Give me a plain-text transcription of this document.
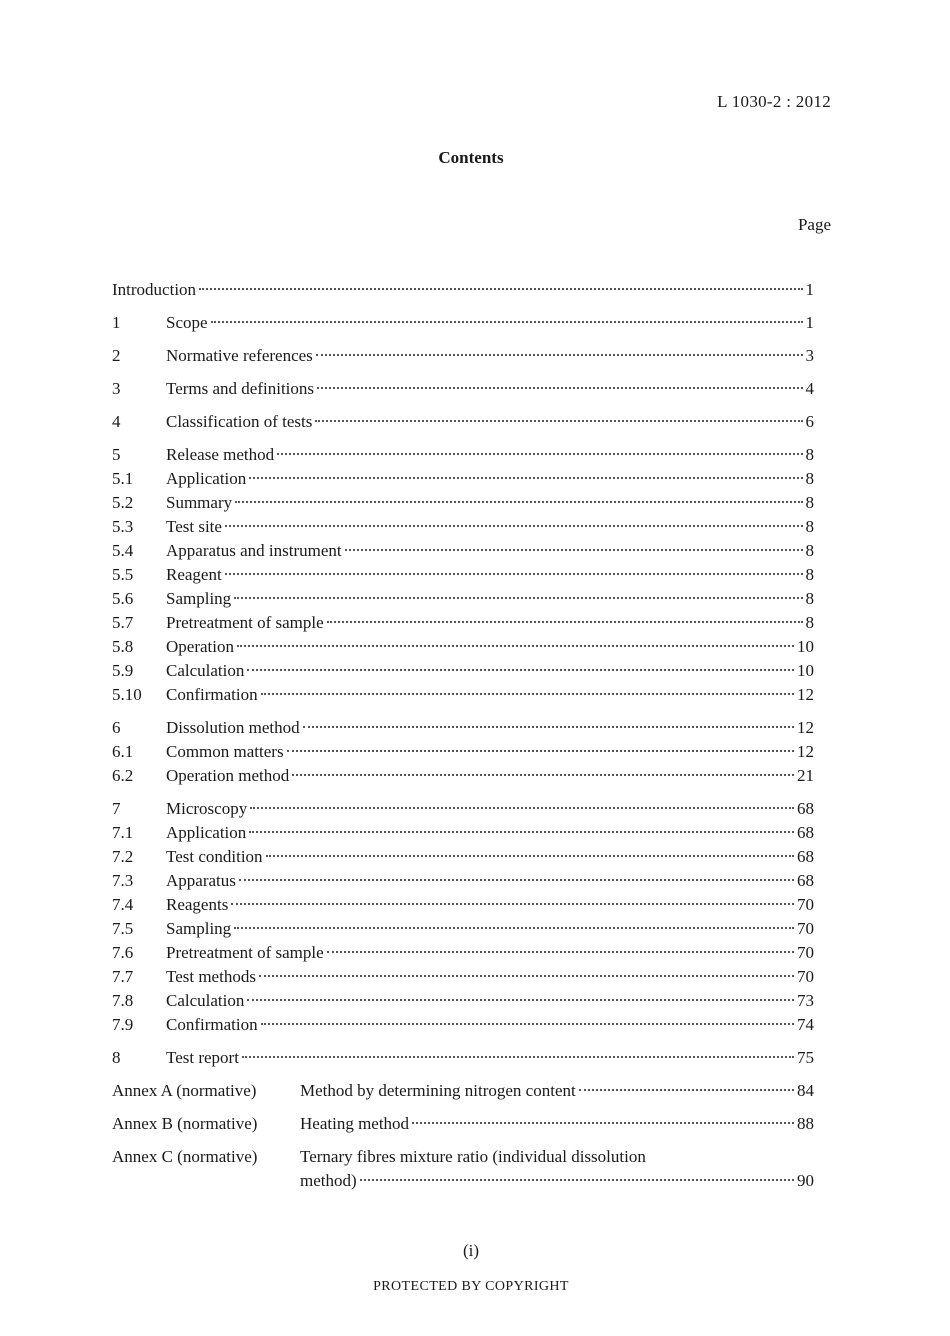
L 1030-2 : 2012
Contents
Page
Introduction	1
1	Scope	1
2	Normative references	3
3	Terms and definitions	4
4	Classification of tests	6
5	Release method	8
5.1	Application	8
5.2	Summary	8
5.3	Test site	8
5.4	Apparatus and instrument	8
5.5	Reagent	8
5.6	Sampling	8
5.7	Pretreatment of sample	8
5.8	Operation	10
5.9	Calculation	10
5.10	Confirmation	12
6	Dissolution method	12
6.1	Common matters	12
6.2	Operation method	21
7	Microscopy	68
7.1	Application	68
7.2	Test condition	68
7.3	Apparatus	68
7.4	Reagents	70
7.5	Sampling	70
7.6	Pretreatment of sample	70
7.7	Test methods	70
7.8	Calculation	73
7.9	Confirmation	74
8	Test report	75
Annex A (normative)	Method by determining nitrogen content	84
Annex B (normative)	Heating method	88
Annex C (normative)	Ternary fibres mixture ratio (individual dissolution
method)	90
(i)
PROTECTED BY COPYRIGHT
